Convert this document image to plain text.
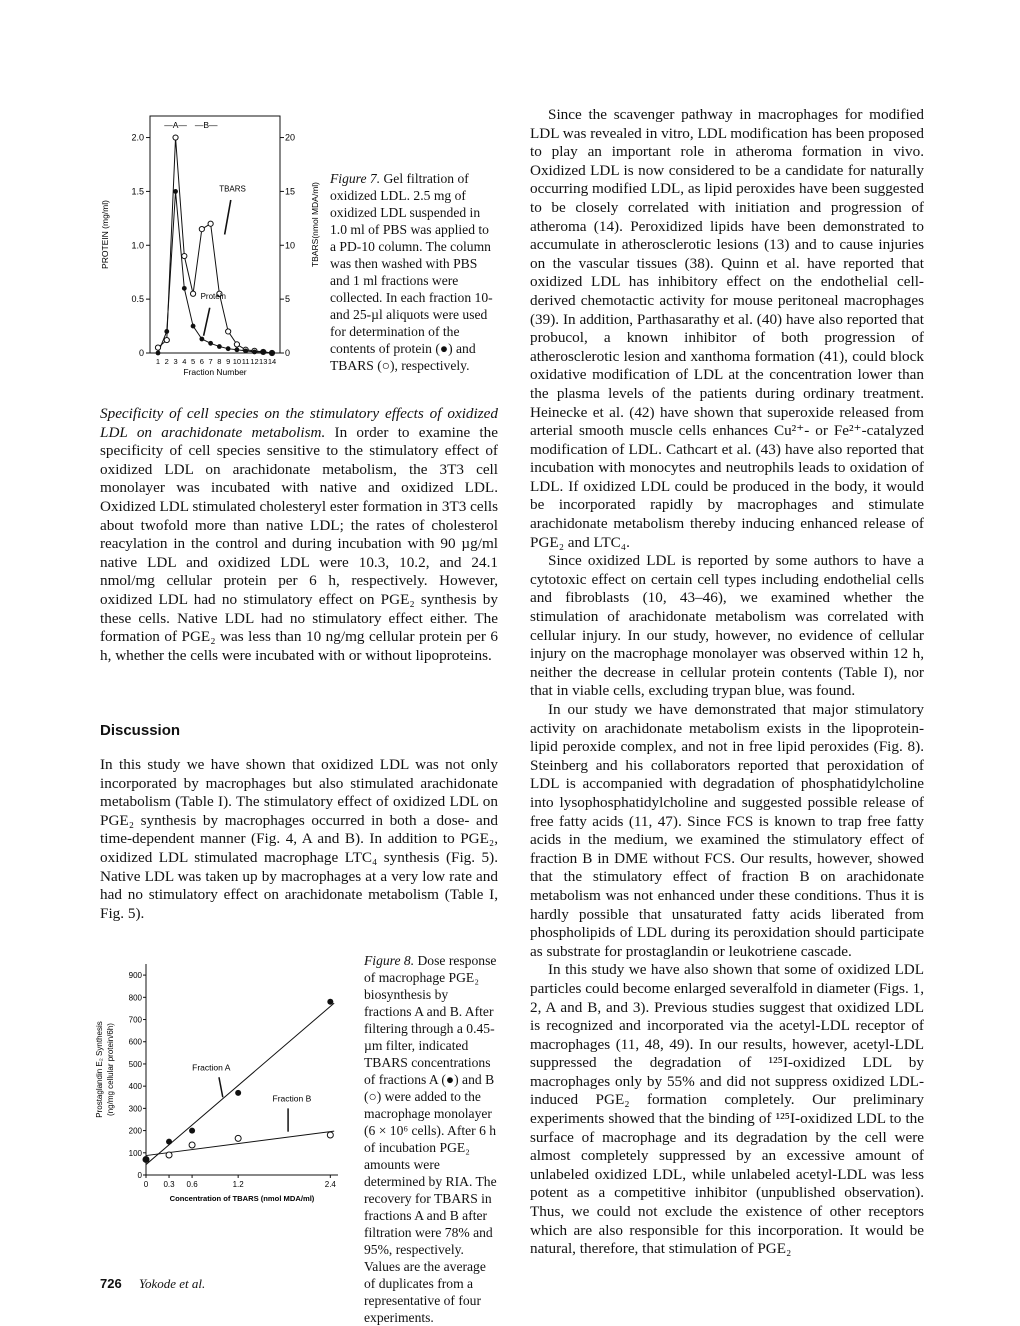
0
0.5
1.0
1.5
2.0
0
5
10
15
20
1 2 3 4 5 6 7 8 9 10 11 12 13 14
Fraction Number
PROTEIN (mg/ml)	TBARS(nmol MDA/ml)
—A— —B—
TBARS
Protein
Figure 7. Gel filtration of oxidized LDL. 2.5 mg of oxidized LDL suspended in 1.0 ml of PBS was applied to a PD-10 column. The column was then washed with PBS and 1 ml fractions were collected. In each fraction 10- and 25-µl aliquots were used for determination of the contents of protein (●) and TBARS (○), respectively.

Specificity of cell species on the stimulatory effects of oxidized LDL on arachidonate metabolism. In order to examine the specificity of cell species sensitive to the stimulatory effect of oxidized LDL on arachidonate metabolism, the 3T3 cell monolayer was incubated with native and oxidized LDL. Oxidized LDL stimulated cholesteryl ester formation in 3T3 cells about twofold more than native LDL; the rates of cholesterol reacylation in the control and during incubation with 90 µg/ml native LDL and oxidized LDL were 10.3, 10.2, and 24.1 nmol/mg cellular protein per 6 h, respectively. However, oxidized LDL had no stimulatory effect on PGE₂ synthesis by these cells. Native LDL had no stimulatory effect either. The formation of PGE₂ was less than 10 ng/mg cellular protein per 6 h, whether the cells were incubated with or without lipoproteins.

Discussion

In this study we have shown that oxidized LDL was not only incorporated by macrophages but also stimulated arachidonate metabolism (Table I). The stimulatory effect of oxidized LDL on PGE₂ synthesis by macrophages occurred in both a dose- and time-dependent manner (Fig. 4, A and B). In addition to PGE₂, oxidized LDL stimulated macrophage LTC₄ synthesis (Fig. 5). Native LDL was taken up by macrophages at a very low rate and had no stimulatory effect on arachidonate metabolism (Table I, Fig. 5).

0
100
200
300
400
500
600
700
800
900
0 0.3 0.6	1.2	2.4
Concentration of TBARS (nmol MDA/ml)
Prostaglandin E₂ Synthesis (ng/mg cellular protein/6h)	Fraction A
Fraction B
Figure 8. Dose response of macrophage PGE₂ biosynthesis by fractions A and B. After filtering through a 0.45-µm filter, indicated TBARS concentrations of fractions A (●) and B (○) were added to the macrophage monolayer (6 × 10⁶ cells). After 6 h of incubation PGE₂ amounts were determined by RIA. The recovery for TBARS in fractions A and B after filtration were 78% and 95%, respectively. Values are the average of duplicates from a representative of four experiments.

Since the scavenger pathway in macrophages for modified LDL was revealed in vitro, LDL modification has been proposed to play an important role in atheroma formation in vivo. Oxidized LDL is now considered to be a candidate for naturally occurring modified LDL, as lipid peroxides have been suggested to be closely correlated with initiation and progression of atheroma (14). Peroxidized lipids have been demonstrated to accumulate in atherosclerotic lesions (13) and to cause injuries on the vascular tissues (38). Quinn et al. have reported that oxidized LDL has inhibitory effect on the endothelial cell-derived chemotactic activity for mouse peritoneal macrophages (39). In addition, Parthasarathy et al. (40) have also reported that probucol, a known inhibitor of both progression of atherosclerotic lesion and xanthoma formation (41), could block oxidative modification of LDL at the concentration lower than the plasma levels of the patients during ordinary treatment. Heinecke et al. (42) have shown that superoxide released from arterial smooth muscle cells enhances Cu²⁺- or Fe²⁺-catalyzed modification of LDL. Cathcart et al. (43) have also reported that incubation with monocytes and neutrophils leads to oxidation of LDL. If oxidized LDL could be produced in the body, it would be incorporated rapidly by macrophages and stimulate arachidonate metabolism thereby inducing enhanced release of PGE₂ and LTC₄.

Since oxidized LDL is reported by some authors to have a cytotoxic effect on certain cell types including endothelial cells and fibroblasts (10, 43–46), we examined whether the stimulation of arachidonate metabolism was correlated with cellular injury. In our study, however, no evidence of cellular injury on the macrophage monolayer was observed within 12 h, neither the decrease in cellular protein contents (Table I), nor that in viable cells, excluding trypan blue, was found.

In our study we have demonstrated that major stimulatory activity on arachidonate metabolism exists in the lipoprotein-lipid peroxide complex, and not in free lipid peroxides (Fig. 8). Steinberg and his collaborators reported that peroxidation of LDL is accompanied with degradation of phosphatidylcholine into lysophosphatidylcholine and suggested possible release of free fatty acids (11, 47). Since FCS is known to trap free fatty acids in the medium, we examined the stimulatory effect of fraction B in DME without FCS. Our results, however, showed that the stimulatory effect of fraction B on arachidonate metabolism was not enhanced under these conditions. Thus it is hardly possible that unsaturated fatty acids liberated from phospholipids of LDL during its peroxidation should participate as substrate for prostaglandin or leukotriene cascade.

In this study we have also shown that some of oxidized LDL particles could become enlarged severalfold in diameter (Figs. 1, 2, A and B, and 3). Previous studies suggest that oxidized LDL is recognized and incorporated via the acetyl-LDL receptor of macrophages (11, 48, 49). In our results, however, acetyl-LDL suppressed the degradation of ¹²⁵I-oxidized LDL by macrophages only by 55% and did not suppress oxidized LDL-induced PGE₂ formation completely. Our preliminary experiments showed that the binding of ¹²⁵I-oxidized LDL to the surface of macrophage and its degradation by the cell were almost completely suppressed by an excessive amount of unlabeled oxidized LDL, while unlabeled acetyl-LDL was less potent as a competitive inhibitor (unpublished observation). Thus, we could not exclude the existence of other receptors which are also responsible for this incorporation. It would be natural, therefore, that stimulation of PGE₂

726 Yokode et al.
